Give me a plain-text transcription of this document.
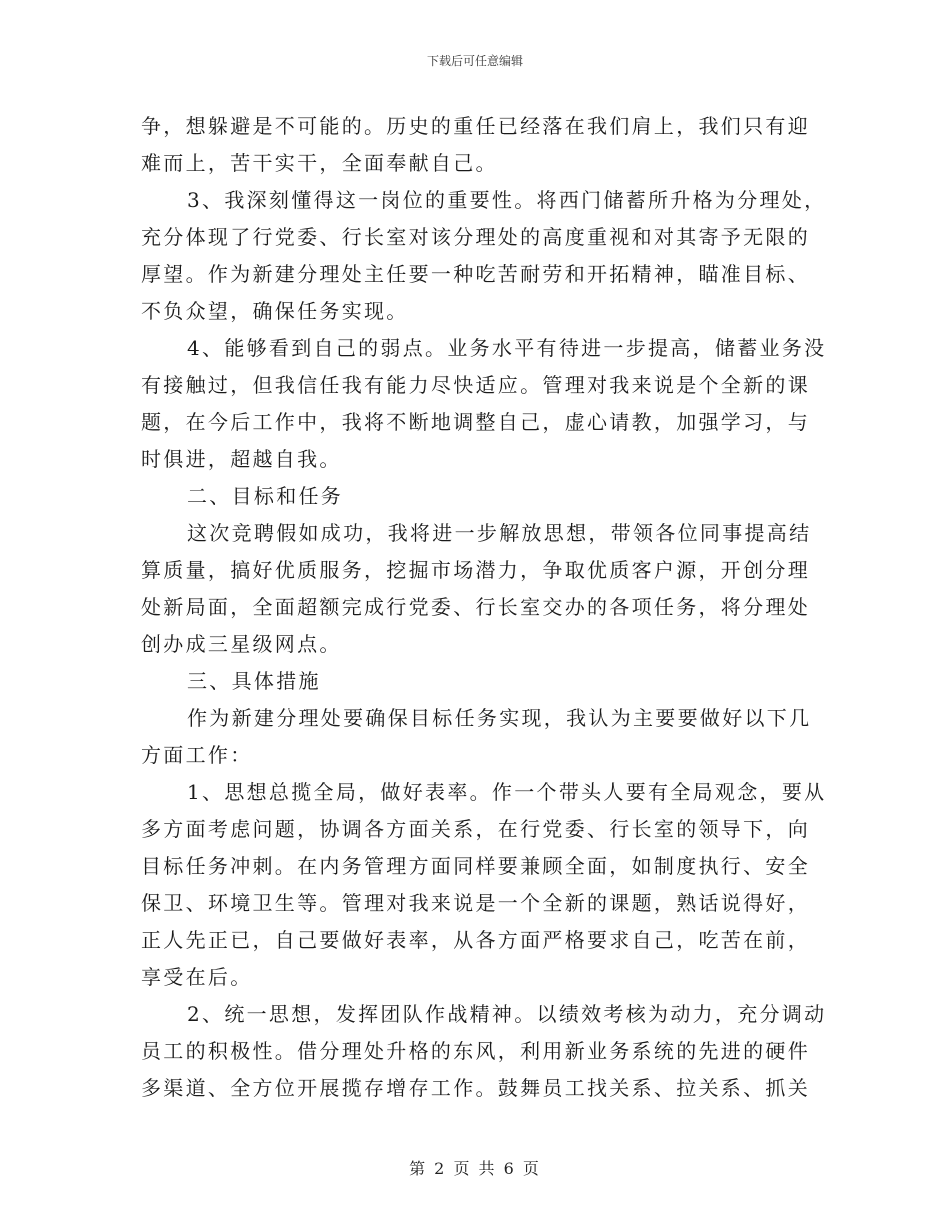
下载后可任意编辑
争，想躲避是不可能的。历史的重任已经落在我们肩上，我们只有迎
难而上，苦干实干，全面奉献自己。
3、我深刻懂得这一岗位的重要性。将西门储蓄所升格为分理处，
充分体现了行党委、行长室对该分理处的高度重视和对其寄予无限的
厚望。作为新建分理处主任要一种吃苦耐劳和开拓精神，瞄准目标、
不负众望，确保任务实现。
4、能够看到自己的弱点。业务水平有待进一步提高，储蓄业务没
有接触过，但我信任我有能力尽快适应。管理对我来说是个全新的课
题，在今后工作中，我将不断地调整自己，虚心请教，加强学习，与
时俱进，超越自我。
二、目标和任务
这次竞聘假如成功，我将进一步解放思想，带领各位同事提高结
算质量，搞好优质服务，挖掘市场潜力，争取优质客户源，开创分理
处新局面，全面超额完成行党委、行长室交办的各项任务，将分理处
创办成三星级网点。
三、具体措施
作为新建分理处要确保目标任务实现，我认为主要要做好以下几
方面工作：
1、思想总揽全局，做好表率。作一个带头人要有全局观念，要从
多方面考虑问题，协调各方面关系，在行党委、行长室的领导下，向
目标任务冲刺。在内务管理方面同样要兼顾全面，如制度执行、安全
保卫、环境卫生等。管理对我来说是一个全新的课题，熟话说得好，
正人先正已，自己要做好表率，从各方面严格要求自己，吃苦在前，
享受在后。
2、统一思想，发挥团队作战精神。以绩效考核为动力，充分调动
员工的积极性。借分理处升格的东风，利用新业务系统的先进的硬件
多渠道、全方位开展揽存增存工作。鼓舞员工找关系、拉关系、抓关
第 2 页 共 6 页
